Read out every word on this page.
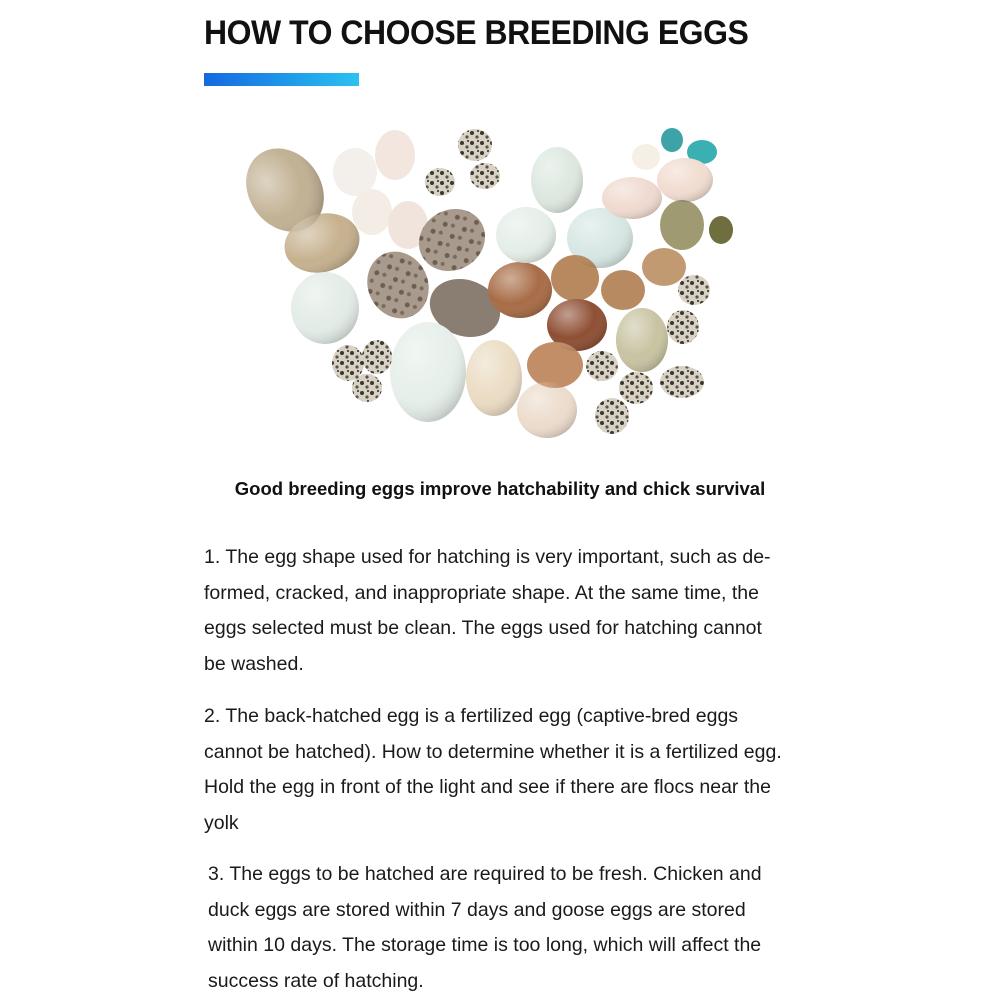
HOW TO CHOOSE BREEDING EGGS

Good breeding eggs improve hatchability and chick survival

1. The egg shape used for hatching is very important, such as de-
formed, cracked, and inappropriate shape. At the same time, the
eggs selected must be clean. The eggs used for hatching cannot
be washed.

2. The back-hatched egg is a fertilized egg (captive-bred eggs
cannot be hatched). How to determine whether it is a fertilized egg.
Hold the egg in front of the light and see if there are flocs near the
yolk

3. The eggs to be hatched are required to be fresh. Chicken and
duck eggs are stored within 7 days and goose eggs are stored
within 10 days. The storage time is too long, which will affect the
success rate of hatching.
